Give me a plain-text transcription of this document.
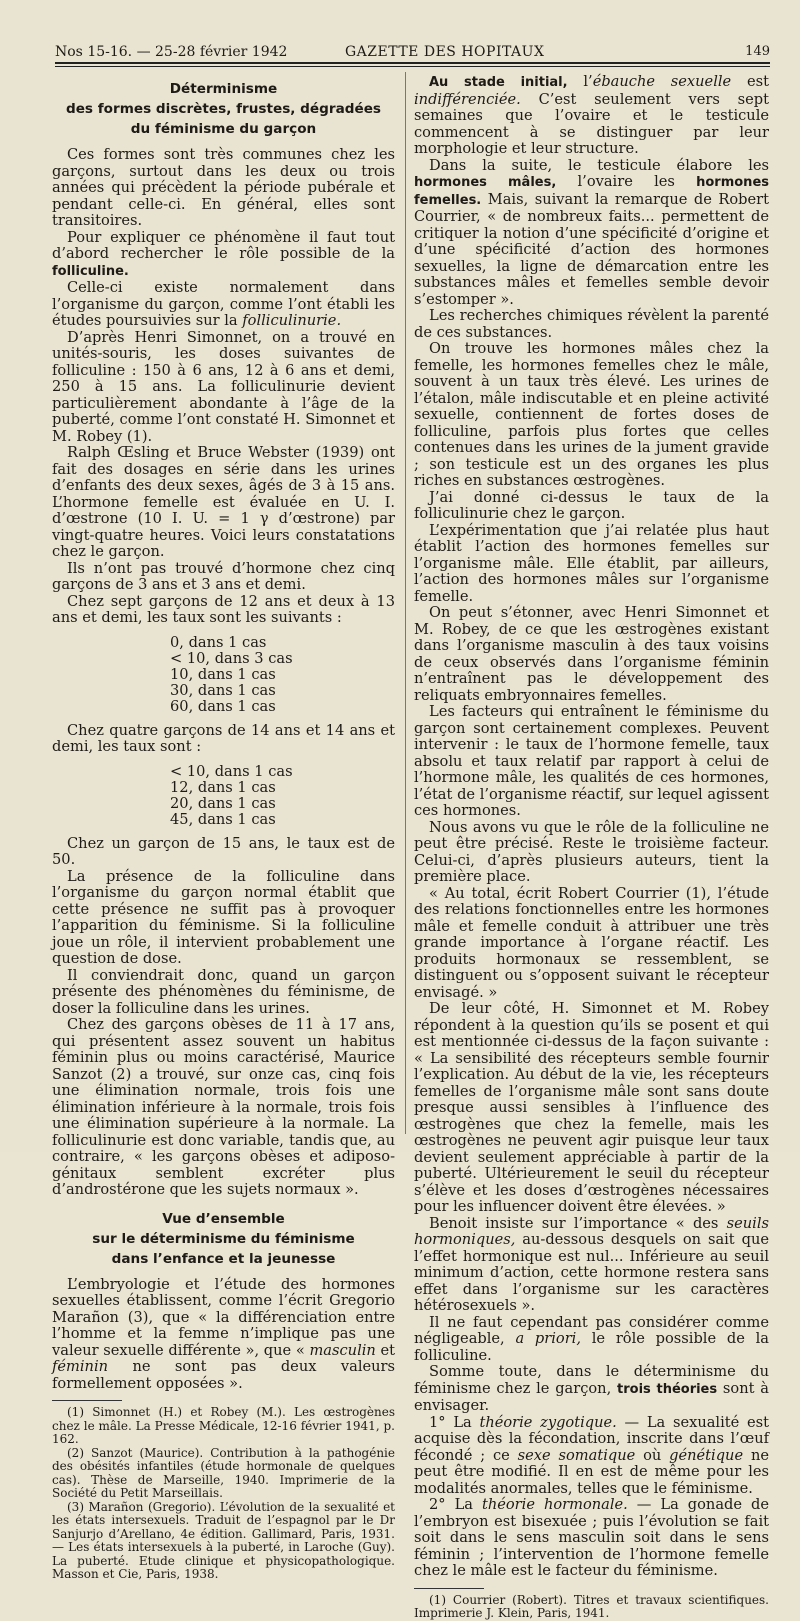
Nos 15-16. — 25-28 février 1942	GAZETTE DES HOPITAUX	149
Déterminisme
des formes discrètes, frustes, dégradées
du féminisme du garçon

Ces formes sont très communes chez les garçons, surtout dans les deux ou trois années qui précèdent la période pubérale et pendant celle-ci. En général, elles sont transitoires.

Pour expliquer ce phénomène il faut tout d’abord rechercher le rôle possible de la folliculine.

Celle-ci existe normalement dans l’organisme du garçon, comme l’ont établi les études poursuivies sur la folliculinurie.

D’après Henri Simonnet, on a trouvé en unités-souris, les doses suivantes de folliculine : 150 à 6 ans, 12 à 6 ans et demi, 250 à 15 ans. La folliculinurie devient particulièrement abondante à l’âge de la puberté, comme l’ont constaté H. Simonnet et M. Robey (1).

Ralph Œsling et Bruce Webster (1939) ont fait des dosages en série dans les urines d’enfants des deux sexes, âgés de 3 à 15 ans. L’hormone femelle est évaluée en U. I. d’œstrone (10 I. U. = 1 γ d’œstrone) par vingt-quatre heures. Voici leurs constatations chez le garçon.

Ils n’ont pas trouvé d’hormone chez cinq garçons de 3 ans et 3 ans et demi.

Chez sept garçons de 12 ans et deux à 13 ans et demi, les taux sont les suivants :

0, dans 1 cas
< 10, dans 3 cas
10, dans 1 cas
30, dans 1 cas
60, dans 1 cas

Chez quatre garçons de 14 ans et 14 ans et demi, les taux sont :

< 10, dans 1 cas
12, dans 1 cas
20, dans 1 cas
45, dans 1 cas

Chez un garçon de 15 ans, le taux est de 50.

La présence de la folliculine dans l’organisme du garçon normal établit que cette présence ne suffit pas à provoquer l’apparition du féminisme. Si la folliculine joue un rôle, il intervient probablement une question de dose.

Il conviendrait donc, quand un garçon présente des phénomènes du féminisme, de doser la folliculine dans les urines.

Chez des garçons obèses de 11 à 17 ans, qui présentent assez souvent un habitus féminin plus ou moins caractérisé, Maurice Sanzot (2) a trouvé, sur onze cas, cinq fois une élimination normale, trois fois une élimination inférieure à la normale, trois fois une élimination supérieure à la normale. La folliculinurie est donc variable, tandis que, au contraire, « les garçons obèses et adiposo-génitaux semblent excréter plus d’androstérone que les sujets normaux ».

Vue d’ensemble
sur le déterminisme du féminisme
dans l’enfance et la jeunesse

L’embryologie et l’étude des hormones sexuelles établissent, comme l’écrit Gregorio Marañon (3), que « la différenciation entre l’homme et la femme n’implique pas une valeur sexuelle différente », que « masculin et féminin ne sont pas deux valeurs formellement opposées ».

(1) Simonnet (H.) et Robey (M.). Les œstrogènes chez le mâle. La Presse Médicale, 12-16 février 1941, p. 162.

(2) Sanzot (Maurice). Contribution à la pathogénie des obésités infantiles (étude hormonale de quelques cas). Thèse de Marseille, 1940. Imprimerie de la Société du Petit Marseillais.

(3) Marañon (Gregorio). L’évolution de la sexualité et les états intersexuels. Traduit de l’espagnol par le Dr Sanjurjo d’Arellano, 4e édition. Gallimard, Paris, 1931. — Les états intersexuels à la puberté, in Laroche (Guy). La puberté. Etude clinique et physicopathologique. Masson et Cie, Paris, 1938.

Au stade initial, l’ébauche sexuelle est indifférenciée. C’est seulement vers sept semaines que l’ovaire et le testicule commencent à se distinguer par leur morphologie et leur structure.

Dans la suite, le testicule élabore les hormones mâles, l’ovaire les hormones femelles. Mais, suivant la remarque de Robert Courrier, « de nombreux faits... permettent de critiquer la notion d’une spécificité d’origine et d’une spécificité d’action des hormones sexuelles, la ligne de démarcation entre les substances mâles et femelles semble devoir s’estomper ».

Les recherches chimiques révèlent la parenté de ces substances.

On trouve les hormones mâles chez la femelle, les hormones femelles chez le mâle, souvent à un taux très élevé. Les urines de l’étalon, mâle indiscutable et en pleine activité sexuelle, contiennent de fortes doses de folliculine, parfois plus fortes que celles contenues dans les urines de la jument gravide ; son testicule est un des organes les plus riches en substances œstrogènes.

J’ai donné ci-dessus le taux de la folliculinurie chez le garçon.

L’expérimentation que j’ai relatée plus haut établit l’action des hormones femelles sur l’organisme mâle. Elle établit, par ailleurs, l’action des hormones mâles sur l’organisme femelle.

On peut s’étonner, avec Henri Simonnet et M. Robey, de ce que les œstrogènes existant dans l’organisme masculin à des taux voisins de ceux observés dans l’organisme féminin n’entraînent pas le développement des reliquats embryonnaires femelles.

Les facteurs qui entraînent le féminisme du garçon sont certainement complexes. Peuvent intervenir : le taux de l’hormone femelle, taux absolu et taux relatif par rapport à celui de l’hormone mâle, les qualités de ces hormones, l’état de l’organisme réactif, sur lequel agissent ces hormones.

Nous avons vu que le rôle de la folliculine ne peut être précisé. Reste le troisième facteur. Celui-ci, d’après plusieurs auteurs, tient la première place.

« Au total, écrit Robert Courrier (1), l’étude des relations fonctionnelles entre les hormones mâle et femelle conduit à attribuer une très grande importance à l’organe réactif. Les produits hormonaux se ressemblent, se distinguent ou s’opposent suivant le récepteur envisagé. »

De leur côté, H. Simonnet et M. Robey répondent à la question qu’ils se posent et qui est mentionnée ci-dessus de la façon suivante : « La sensibilité des récepteurs semble fournir l’explication. Au début de la vie, les récepteurs femelles de l’organisme mâle sont sans doute presque aussi sensibles à l’influence des œstrogènes que chez la femelle, mais les œstrogènes ne peuvent agir puisque leur taux devient seulement appréciable à partir de la puberté. Ultérieurement le seuil du récepteur s’élève et les doses d’œstrogènes nécessaires pour les influencer doivent être élevées. »

Benoit insiste sur l’importance « des seuils hormoniques, au-dessous desquels on sait que l’effet hormonique est nul... Inférieure au seuil minimum d’action, cette hormone restera sans effet dans l’organisme sur les caractères hétérosexuels ».

Il ne faut cependant pas considérer comme négligeable, a priori, le rôle possible de la folliculine.

Somme toute, dans le déterminisme du féminisme chez le garçon, trois théories sont à envisager.

1° La théorie zygotique. — La sexualité est acquise dès la fécondation, inscrite dans l’œuf fécondé ; ce sexe somatique où génétique ne peut être modifié. Il en est de même pour les modalités anormales, telles que le féminisme.

2° La théorie hormonale. — La gonade de l’embryon est bisexuée ; puis l’évolution se fait soit dans le sens masculin soit dans le sens féminin ; l’intervention de l’hormone femelle chez le mâle est le facteur du féminisme.

(1) Courrier (Robert). Titres et travaux scientifiques. Imprimerie J. Klein, Paris, 1941.
